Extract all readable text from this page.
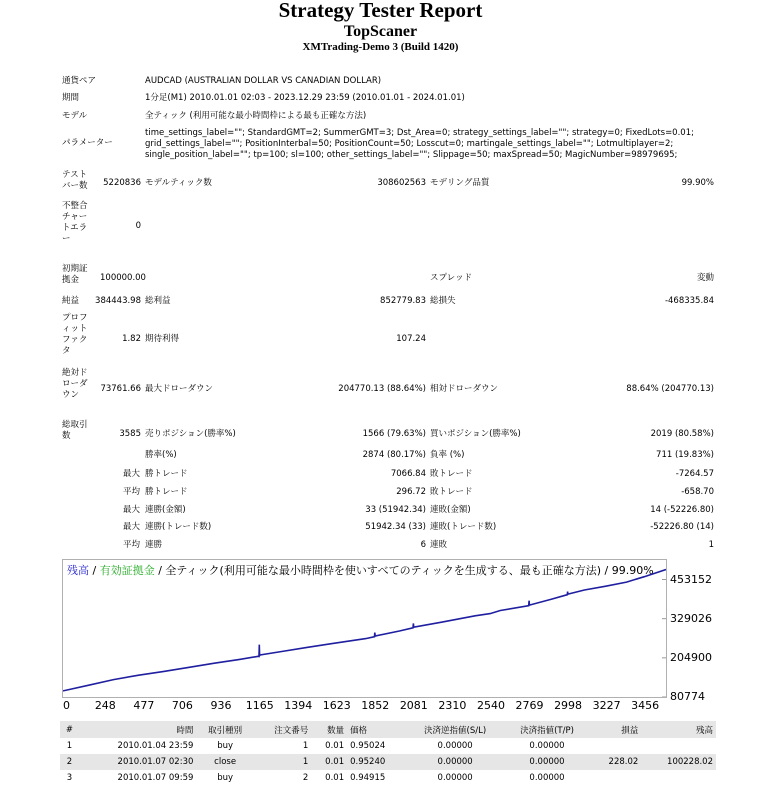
Strategy Tester Report
TopScaner
XMTrading-Demo 3 (Build 1420)
通貨ペア	AUDCAD (AUSTRALIAN DOLLAR VS CANADIAN DOLLAR)
期間	1分足(M1) 2010.01.01 02:03 - 2023.12.29 23:59 (2010.01.01 - 2024.01.01)
モデル	全ティック (利用可能な最小時間枠による最も正確な方法)
パラメーター
time_settings_label=""; StandardGMT=2; SummerGMT=3; Dst_Area=0; strategy_settings_label=""; strategy=0; FixedLots=0.01; grid_settings_label=""; PositionInterbal=50; PositionCount=50; Losscut=0; martingale_settings_label=""; Lotmultiplayer=2; single_position_label=""; tp=100; sl=100; other_settings_label=""; Slippage=50; maxSpread=50; MagicNumber=98979695;
テストバー数	5220836 モデルティック数	308602563 モデリング品質	99.90%
不整合チャートエラー
0
初期証拠金	100000.00	スプレッド	変動
純益	384443.98 総利益	852779.83 総損失	-468335.84
プロフィットファクタ
1.82 期待利得	107.24
絶対ドローダウン
73761.66 最大ドローダウン	204770.13 (88.64%) 相対ドローダウン	88.64% (204770.13)
総取引数	3585 売りポジション(勝率%)	1566 (79.63%) 買いポジション(勝率%)	2019 (80.58%)
勝率(%)	2874 (80.17%) 負率 (%)	711 (19.83%)
最大 勝トレード	7066.84 敗トレード	-7264.57
平均 勝トレード	296.72 敗トレード	-658.70
最大 連勝(金額)	33 (51942.34) 連敗(金額)	14 (-52226.80)
最大 連勝(トレード数)	51942.34 (33) 連敗(トレード数)	-52226.80 (14)
平均 連勝	6 連敗	1
残高 / 有効証拠金 / 全ティック(利用可能な最小時間枠を使いすべてのティックを生成する、最も正確な方法) / 99.90%
453152
329026
204900
80774
0 248 477 706 936 1165 1394 1623 1852 2081 2310 2540 2769 2998 3227 3456
#	時間	取引種別	注文番号	数量	価格	決済逆指値(S/L)	決済指値(T/P)	損益	残高
1	2010.01.04 23:59	buy	1	0.01	0.95024	0.00000	0.00000		
2	2010.01.07 02:30	close	1	0.01	0.95240	0.00000	0.00000	228.02	100228.02
3	2010.01.07 09:59	buy	2	0.01	0.94915	0.00000	0.00000		
